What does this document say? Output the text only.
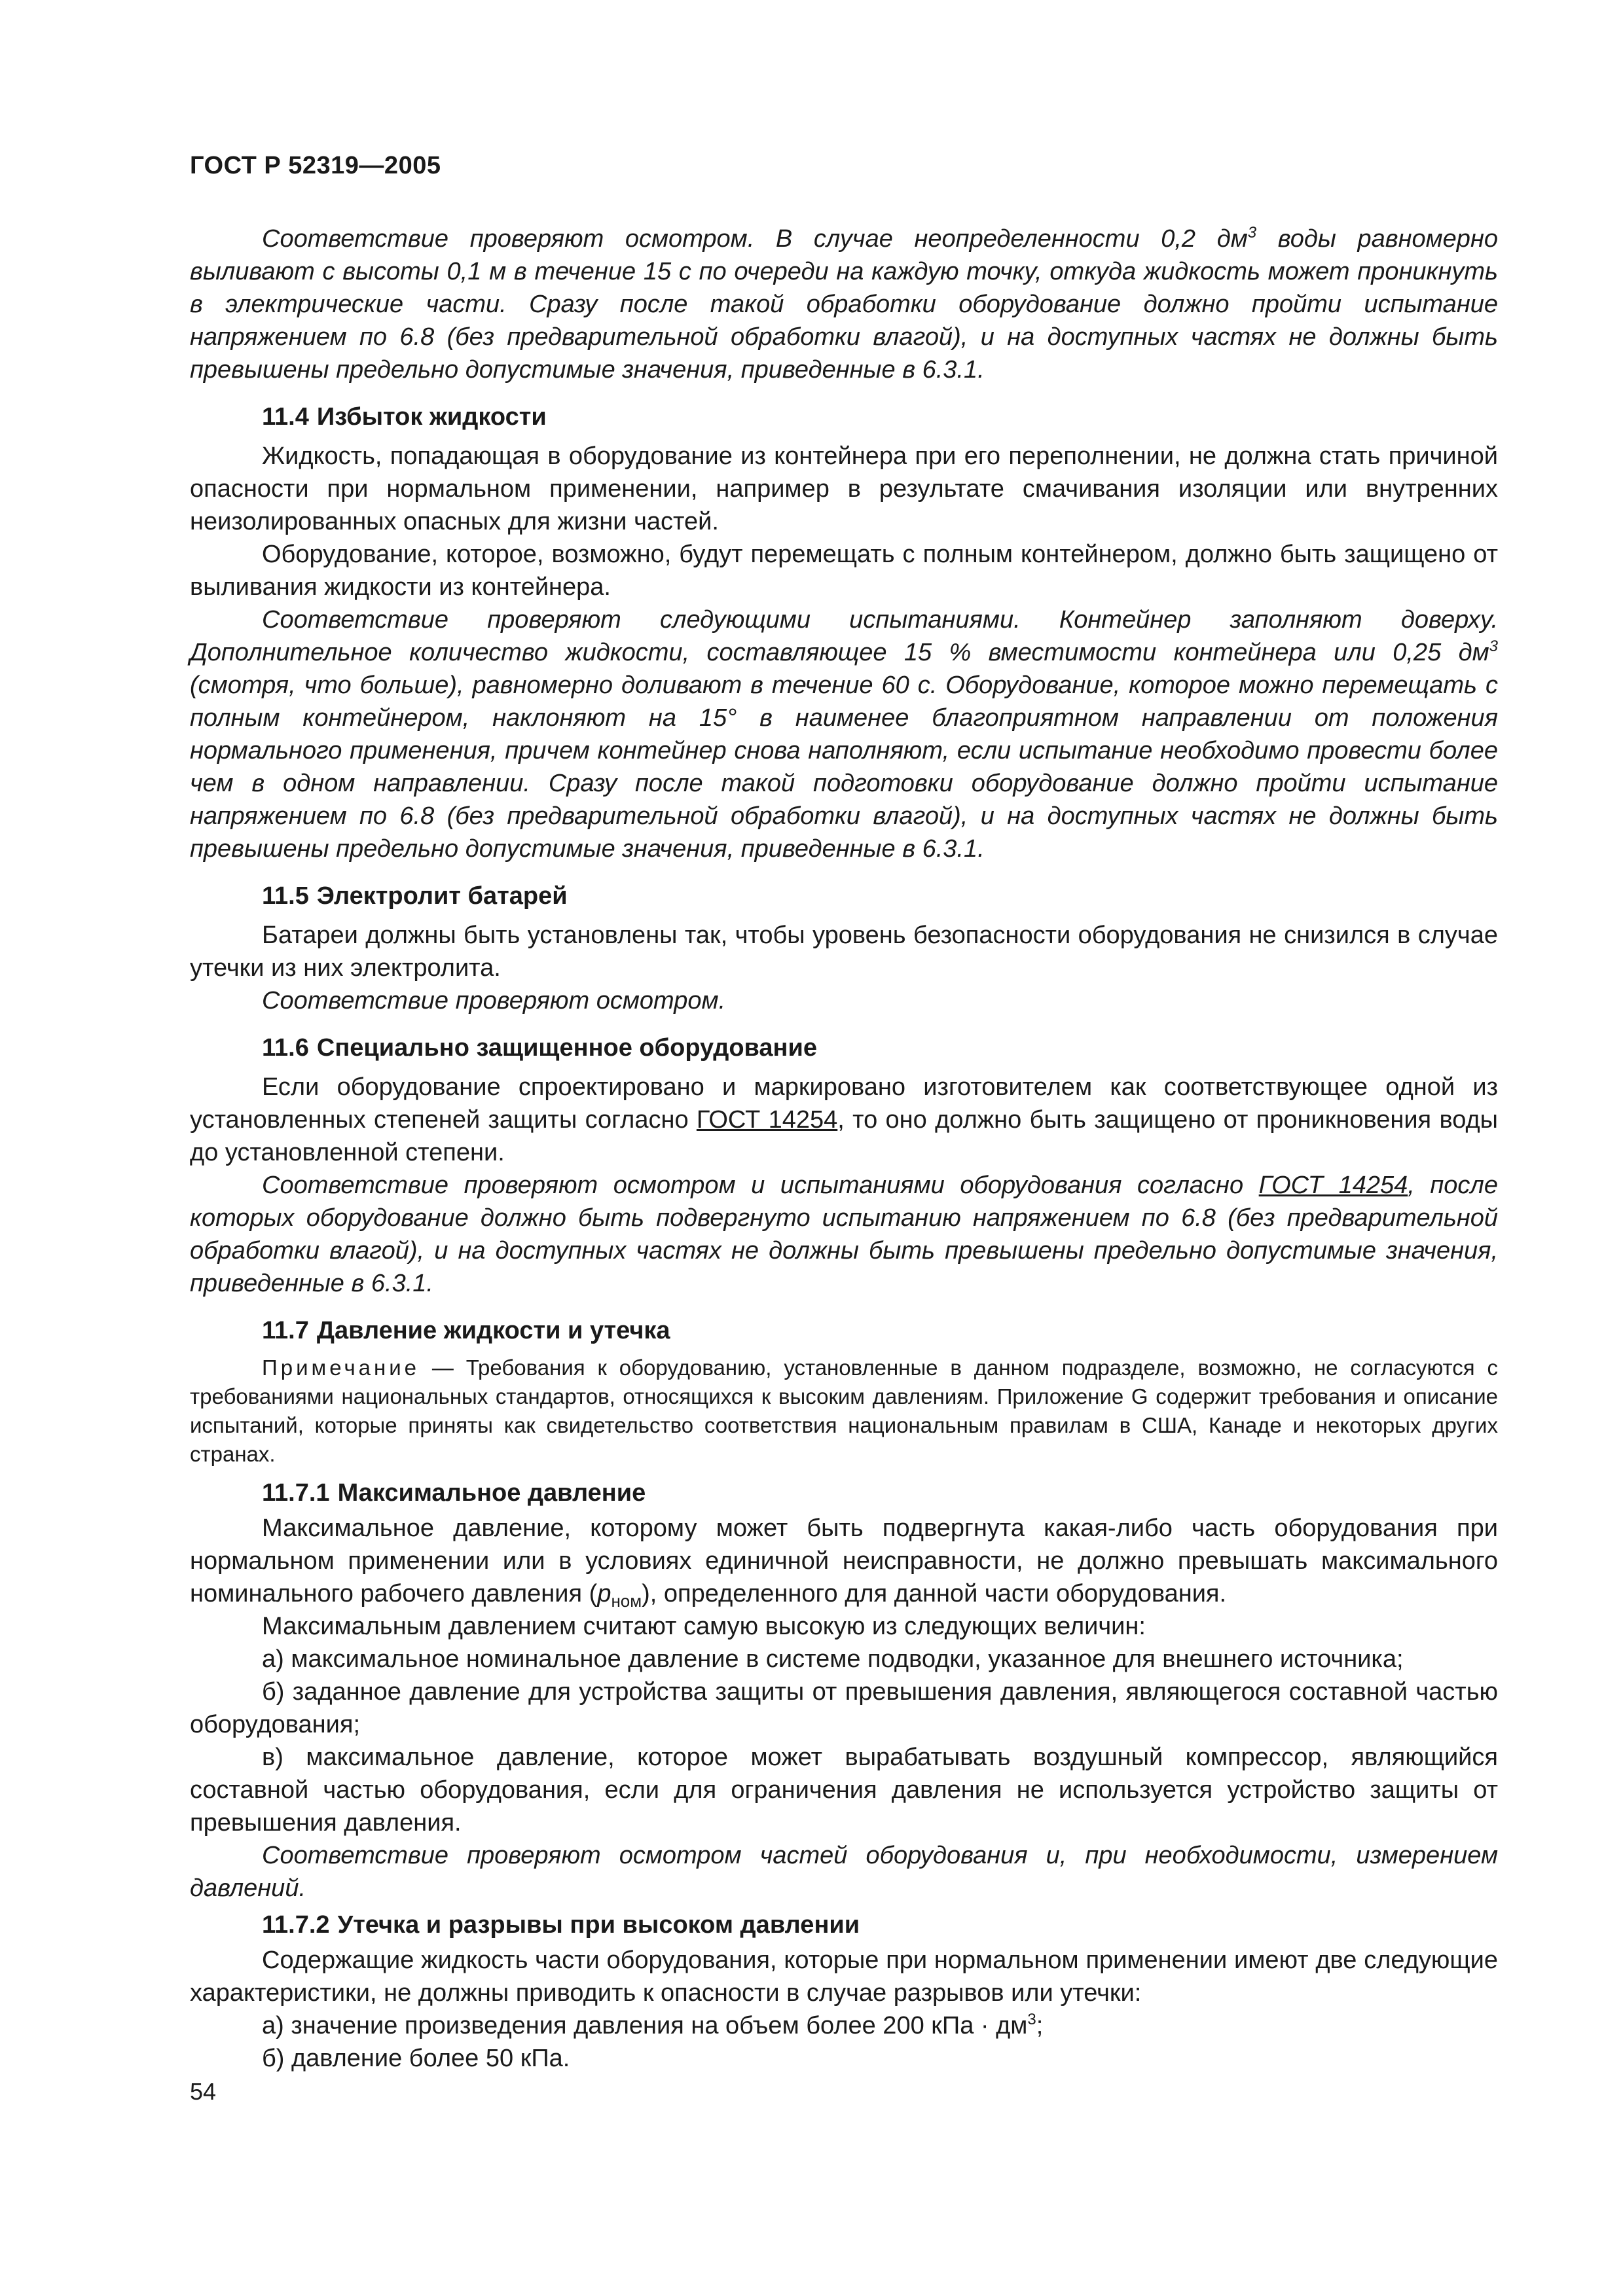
ГОСТ Р 52319—2005

Соответствие проверяют осмотром. В случае неопределенности 0,2 $дм^3$ воды равномерно выливают с высоты 0,1 м в течение 15 с по очереди на каждую точку, откуда жидкость может проникнуть в электрические части. Сразу после такой обработки оборудование должно пройти испытание напряжением по 6.8 (без предварительной обработки влагой), и на доступных частях не должны быть превышены предельно допустимые значения, приведенные в 6.3.1.

11.4 Избыток жидкости

Жидкость, попадающая в оборудование из контейнера при его переполнении, не должна стать причиной опасности при нормальном применении, например в результате смачивания изоляции или внутренних неизолированных опасных для жизни частей.

Оборудование, которое, возможно, будут перемещать с полным контейнером, должно быть защищено от выливания жидкости из контейнера.

Соответствие проверяют следующими испытаниями. Контейнер заполняют доверху. Дополнительное количество жидкости, составляющее 15 % вместимости контейнера или 0,25 $дм^3$ (смотря, что больше), равномерно доливают в течение 60 с. Оборудование, которое можно перемещать с полным контейнером, наклоняют на 15° в наименее благоприятном направлении от положения нормального применения, причем контейнер снова наполняют, если испытание необходимо провести более чем в одном направлении. Сразу после такой подготовки оборудование должно пройти испытание напряжением по 6.8 (без предварительной обработки влагой), и на доступных частях не должны быть превышены предельно допустимые значения, приведенные в 6.3.1.

11.5 Электролит батарей

Батареи должны быть установлены так, чтобы уровень безопасности оборудования не снизился в случае утечки из них электролита.

Соответствие проверяют осмотром.

11.6 Специально защищенное оборудование

Если оборудование спроектировано и маркировано изготовителем как соответствующее одной из установленных степеней защиты согласно ГОСТ 14254, то оно должно быть защищено от проникновения воды до установленной степени.

Соответствие проверяют осмотром и испытаниями оборудования согласно ГОСТ 14254, после которых оборудование должно быть подвергнуто испытанию напряжением по 6.8 (без предварительной обработки влагой), и на доступных частях не должны быть превышены предельно допустимые значения, приведенные в 6.3.1.

11.7 Давление жидкости и утечка

Примечание — Требования к оборудованию, установленные в данном подразделе, возможно, не согласуются с требованиями национальных стандартов, относящихся к высоким давлениям. Приложение G содержит требования и описание испытаний, которые приняты как свидетельство соответствия национальным правилам в США, Канаде и некоторых других странах.

11.7.1 Максимальное давление

Максимальное давление, которому может быть подвергнута какая-либо часть оборудования при нормальном применении или в условиях единичной неисправности, не должно превышать максимального номинального рабочего давления $(p_{ном})$, определенного для данной части оборудования.

Максимальным давлением считают самую высокую из следующих величин:

а) максимальное номинальное давление в системе подводки, указанное для внешнего источника;

б) заданное давление для устройства защиты от превышения давления, являющегося составной частью оборудования;

в) максимальное давление, которое может вырабатывать воздушный компрессор, являющийся составной частью оборудования, если для ограничения давления не используется устройство защиты от превышения давления.

Соответствие проверяют осмотром частей оборудования и, при необходимости, измерением давлений.

11.7.2 Утечка и разрывы при высоком давлении

Содержащие жидкость части оборудования, которые при нормальном применении имеют две следующие характеристики, не должны приводить к опасности в случае разрывов или утечки:

а) значение произведения давления на объем более 200 кПа · $дм^3$;

б) давление более 50 кПа.

54
